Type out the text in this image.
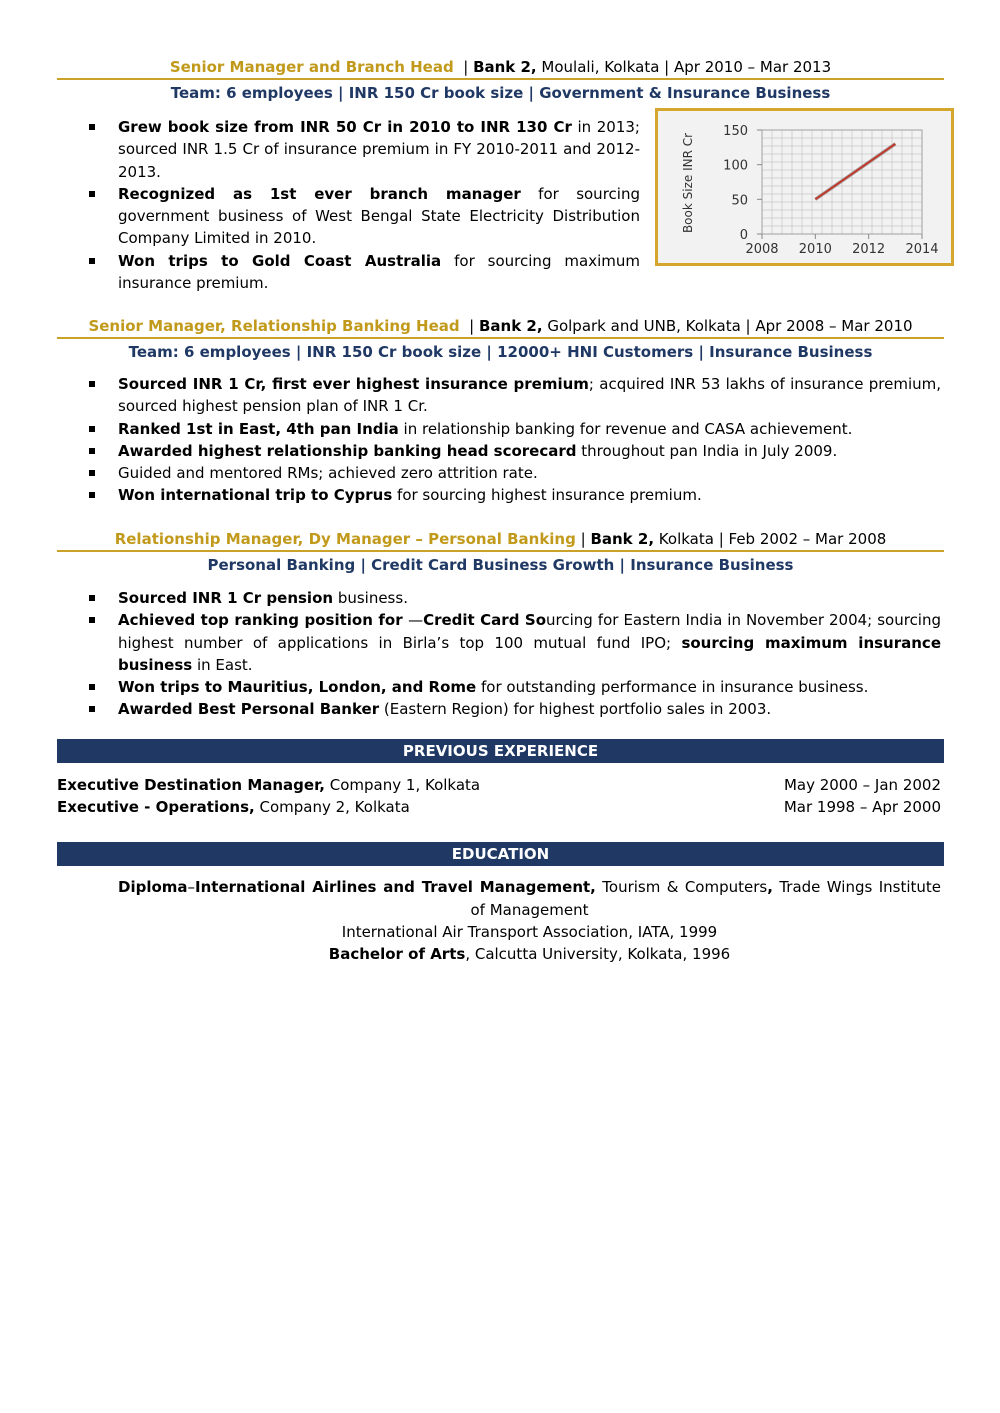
Senior Manager and Branch Head  | Bank 2, Moulali, Kolkata | Apr 2010 – Mar 2013
Team: 6 employees | INR 150 Cr book size | Government & Insurance Business
Grew book size from INR 50 Cr in 2010 to INR 130 Cr in 2013; sourced INR 1.5 Cr of insurance premium in FY 2010-2011 and 2012-2013.
Recognized as 1st ever branch manager for sourcing government business of West Bengal State Electricity Distribution Company Limited in 2010.
Won trips to Gold Coast Australia for sourcing maximum insurance premium.
0
50
100
150
2008 2010 2012 2014
Book Size INR Cr
Senior Manager, Relationship Banking Head  | Bank 2, Golpark and UNB, Kolkata | Apr 2008 – Mar 2010
Team: 6 employees | INR 150 Cr book size | 12000+ HNI Customers | Insurance Business
Sourced INR 1 Cr, first ever highest insurance premium; acquired INR 53 lakhs of insurance premium, sourced highest pension plan of INR 1 Cr.
Ranked 1st in East, 4th pan India in relationship banking for revenue and CASA achievement.
Awarded highest relationship banking head scorecard throughout pan India in July 2009.
Guided and mentored RMs; achieved zero attrition rate.
Won international trip to Cyprus for sourcing highest insurance premium.
Relationship Manager, Dy Manager – Personal Banking | Bank 2, Kolkata | Feb 2002 – Mar 2008
Personal Banking | Credit Card Business Growth | Insurance Business
Sourced INR 1 Cr pension business.
Achieved top ranking position for —Credit Card Sourcing for Eastern India in November 2004; sourcing highest number of applications in Birla’s top 100 mutual fund IPO; sourcing maximum insurance business in East.
Won trips to Mauritius, London, and Rome for outstanding performance in insurance business.
Awarded Best Personal Banker (Eastern Region) for highest portfolio sales in 2003.
PREVIOUS EXPERIENCE
Executive Destination Manager, Company 1, Kolkata	May 2000 – Jan 2002
Executive - Operations, Company 2, Kolkata	Mar 1998 – Apr 2000
EDUCATION
Diploma–International Airlines and Travel Management, Tourism & Computers, Trade Wings Institute of Management
International Air Transport Association, IATA, 1999
Bachelor of Arts, Calcutta University, Kolkata, 1996
